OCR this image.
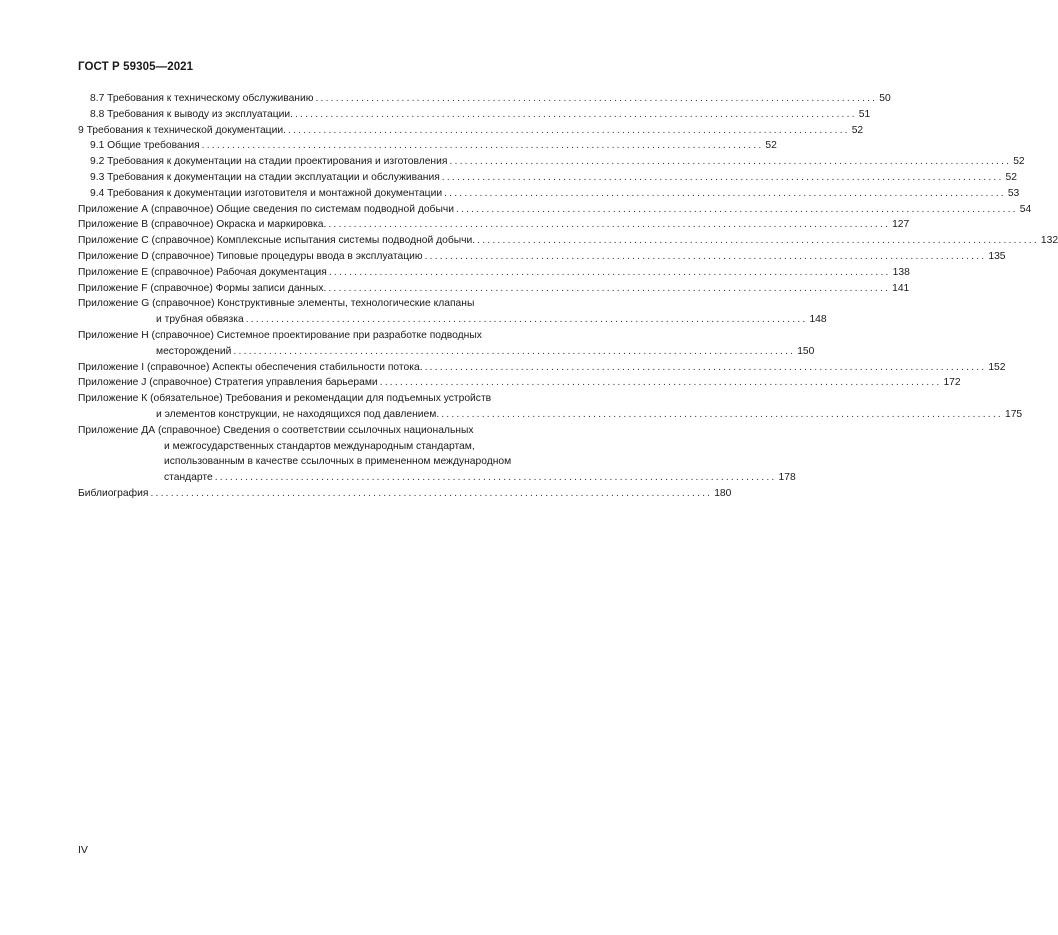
ГОСТ Р 59305—2021
8.7 Требования к техническому обслуживанию ............................................................................................................... 50
8.8 Требования к выводу из эксплуатации. ............................................................................................................... 51
9 Требования к технической документации. ............................................................................................................... 52
9.1 Общие требования ............................................................................................................... 52
9.2 Требования к документации на стадии проектирования и изготовления ............................................................................................................... 52
9.3 Требования к документации на стадии эксплуатации и обслуживания ............................................................................................................... 52
9.4 Требования к документации изготовителя и монтажной документации ............................................................................................................... 53
Приложение А (справочное) Общие сведения по системам подводной добычи ............................................................................................................... 54
Приложение В (справочное) Окраска и маркировка. ............................................................................................................... 127
Приложение С (справочное) Комплексные испытания системы подводной добычи. ............................................................................................................... 132
Приложение D (справочное) Типовые процедуры ввода в эксплуатацию ............................................................................................................... 135
Приложение E (справочное) Рабочая документация ............................................................................................................... 138
Приложение F (справочное) Формы записи данных. ............................................................................................................... 141
Приложение G (справочное) Конструктивные элементы, технологические клапаны
и трубная обвязка ............................................................................................................... 148
Приложение Н (справочное) Системное проектирование при разработке подводных
месторождений ............................................................................................................... 150
Приложение I (справочное) Аспекты обеспечения стабильности потока. ............................................................................................................... 152
Приложение J (справочное) Стратегия управления барьерами ............................................................................................................... 172
Приложение К (обязательное) Требования и рекомендации для подъемных устройств
и элементов конструкции, не находящихся под давлением. ............................................................................................................... 175
Приложение ДА (справочное) Сведения о соответствии ссылочных национальных
и межгосударственных стандартов международным стандартам,
использованным в качестве ссылочных в примененном международном
стандарте ............................................................................................................... 178
Библиография ............................................................................................................... 180
IV
